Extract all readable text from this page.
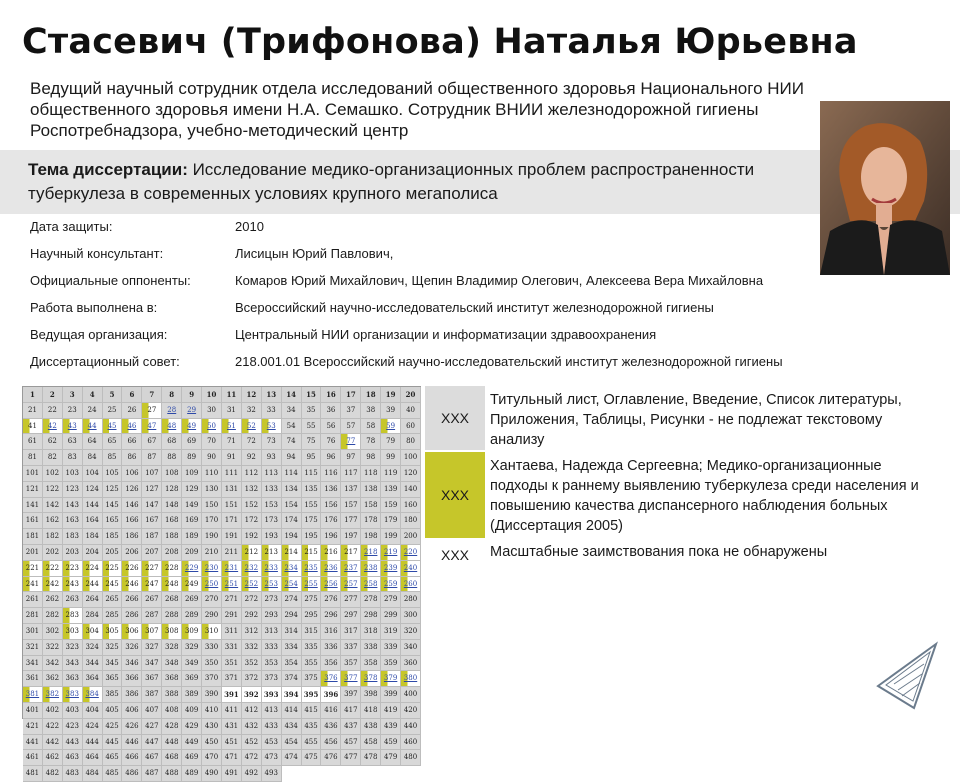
Стасевич (Трифонова) Наталья Юрьевна
Ведущий научный сотрудник отдела исследований общественного здоровья Национального НИИ общественного здоровья имени Н.А. Семашко. Сотрудник ВНИИ железнодорожной гигиены Роспотребнадзора, учебно-методический центр
Тема диссертации: Исследование медико-организационных проблем распространенности туберкулеза в современных условиях крупного мегаполиса
Дата защиты:	2010
Научный консультант:	Лисицын Юрий Павлович,
Официальные оппоненты:	Комаров Юрий Михайлович, Щепин Владимир Олегович, Алексеева Вера Михайловна
Работа выполнена в:	Всероссийский научно-исследовательский институт железнодорожной гигиены
Ведущая организация:	Центральный НИИ организации и информатизации здравоохранения
Диссертационный совет:	218.001.01 Всероссийский научно-исследовательский институт железнодорожной гигиены
1	2	3	4	5	6	7	8	9	10	11	12	13	14	15	16	17	18	19	20
21	22	23	24	25	26	27	28	29	30	31	32	33	34	35	36	37	38	39	40
41	42	43	44	45	46	47	48	49	50	51	52	53	54	55	56	57	58	59	60
61	62	63	64	65	66	67	68	69	70	71	72	73	74	75	76	77	78	79	80
81	82	83	84	85	86	87	88	89	90	91	92	93	94	95	96	97	98	99	100
101 102 103 104 105 106 107 108 109 110 111 112 113 114 115 116 117 118 119 120
121 122 123 124 125 126 127 128 129 130 131 132 133 134 135 136 137 138 139 140
141 142 143 144 145 146 147 148 149 150 151 152 153 154 155 156 157 158 159 160
161 162 163 164 165 166 167 168 169 170 171 172 173 174 175 176 177 178 179 180
181 182 183 184 185 186 187 188 189 190 191 192 193 194 195 196 197 198 199 200
201 202 203 204 205 206 207 208 209 210 211 212 213 214 215 216 217 218 219 220
221 222 223 224 225 226 227 228 229 230 231 232 233 234 235 236 237 238 239 240
241 242 243 244 245 246 247 248 249 250 251 252 253 254 255 256 257 258 259 260
261 262 263 264 265 266 267 268 269 270 271 272 273 274 275 276 277 278 279 280
281 282 283 284 285 286 287 288 289 290 291 292 293 294 295 296 297 298 299 300
301 302 303 304 305 306 307 308 309 310 311 312 313 314 315 316 317 318 319 320
321 322 323 324 325 326 327 328 329 330 331 332 333 334 335 336 337 338 339 340
341 342 343 344 345 346 347 348 349 350 351 352 353 354 355 356 357 358 359 360
361 362 363 364 365 366 367 368 369 370 371 372 373 374 375 376 377 378 379 380
381 382 383 384 385 386 387 388 389 390 391 392 393 394 395 396 397 398 399 400
401 402 403 404 405 406 407 408 409 410 411 412 413 414 415 416 417 418 419 420
421 422 423 424 425 426 427 428 429 430 431 432 433 434 435 436 437 438 439 440
441 442 443 444 445 446 447 448 449 450 451 452 453 454 455 456 457 458 459 460
461 462 463 464 465 466 467 468 469 470 471 472 473 474 475 476 477 478 479 480
481 482 483 484 485 486 487 488 489 490 491 492 493
XXX
Титульный лист, Оглавление, Введение, Список литературы, Приложения, Таблицы, Рисунки - не подлежат текстовому анализу
XXX
Хантаева, Надежда Сергеевна; Медико-организационные подходы к раннему выявлению туберкулеза среди населения и повышению качества диспансерного наблюдения больных (Диссертация 2005)
XXX	Масштабные заимствования пока не обнаружены
